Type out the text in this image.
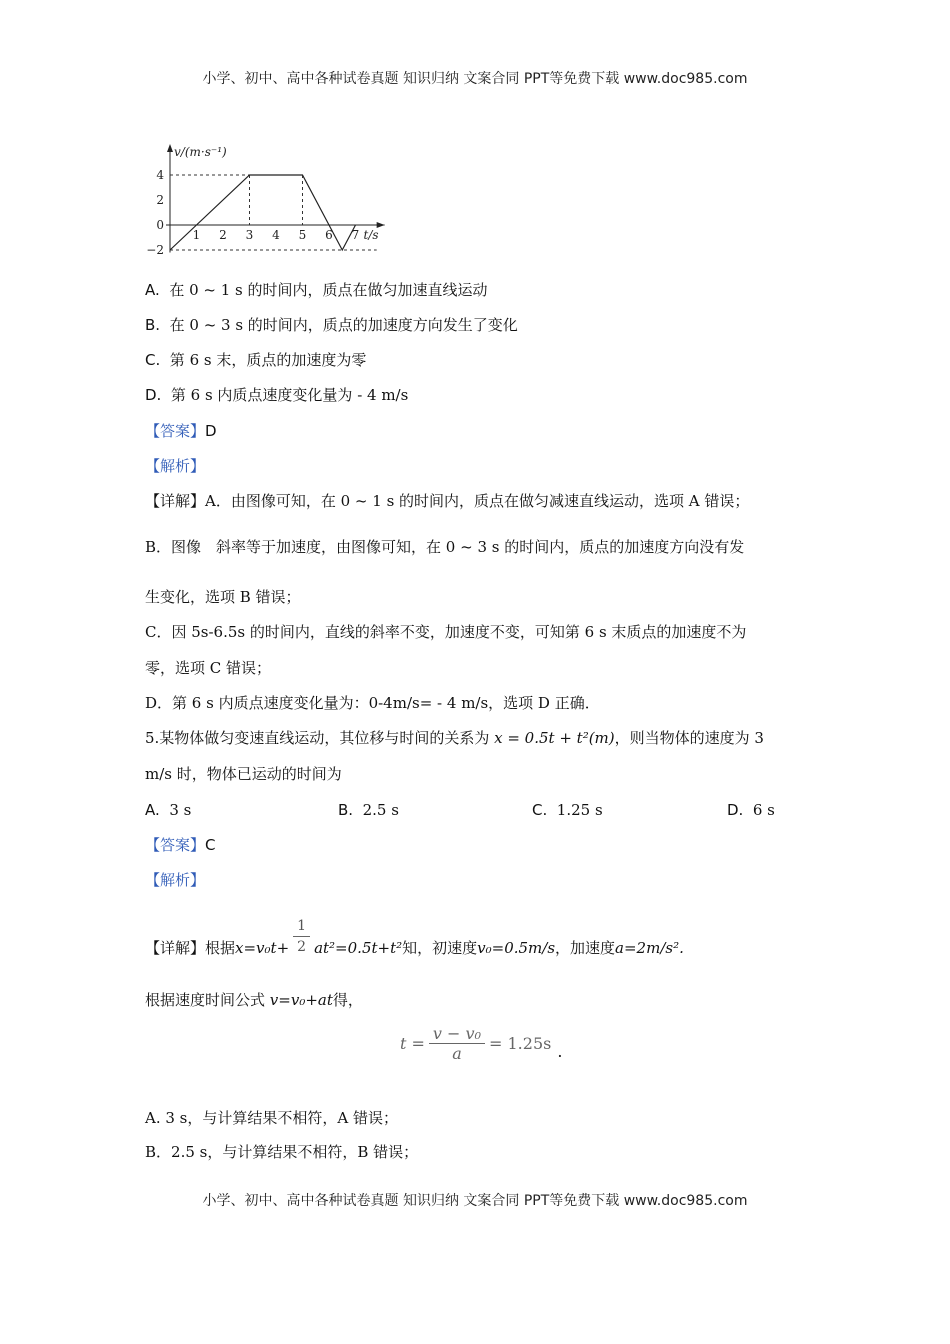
小学、初中、高中各种试卷真题 知识归纳 文案合同 PPT等免费下载 www.doc985.com
1 2 3 4 5 6 7
4
2
0
−2
v/(m·s⁻¹)
t/s
A. 在 0 ~ 1 s 的时间内，质点在做匀加速直线运动
B. 在 0 ~ 3 s 的时间内，质点的加速度方向发生了变化
C. 第 6 s 末，质点的加速度为零
D. 第 6 s 内质点速度变化量为 - 4 m/s
【答案】D
【解析】
【详解】A．由图像可知，在 0 ~ 1 s 的时间内，质点在做匀减速直线运动，选项 A 错误；
B．图像　斜率等于加速度，由图像可知，在 0 ~ 3 s 的时间内，质点的加速度方向没有发
生变化，选项 B 错误；
C．因 5s-6.5s 的时间内，直线的斜率不变，加速度不变，可知第 6 s 末质点的加速度不为
零，选项 C 错误；
D．第 6 s 内质点速度变化量为：0-4m/s= - 4 m/s，选项 D 正确．
5.某物体做匀变速直线运动，其位移与时间的关系为 x = 0.5t + t²(m)，则当物体的速度为 3
m/s 时，物体已运动的时间为
A. 3 s	B. 2.5 s	C. 1.25 s	D. 6 s
【答案】C
【解析】
【详解】根据$x=v_0t+ \frac{1}{2} at^2=0.5t+t^2$知，初速度v₀=0.5m/s，加速度a=2m/s².
根据速度时间公式 v=v₀+at得，
$t = \frac{\text{v − v₀}}{a} = 1.25s$ .
A. 3 s，与计算结果不相符，A 错误；
B．2.5 s，与计算结果不相符，B 错误；
小学、初中、高中各种试卷真题 知识归纳 文案合同 PPT等免费下载 www.doc985.com
